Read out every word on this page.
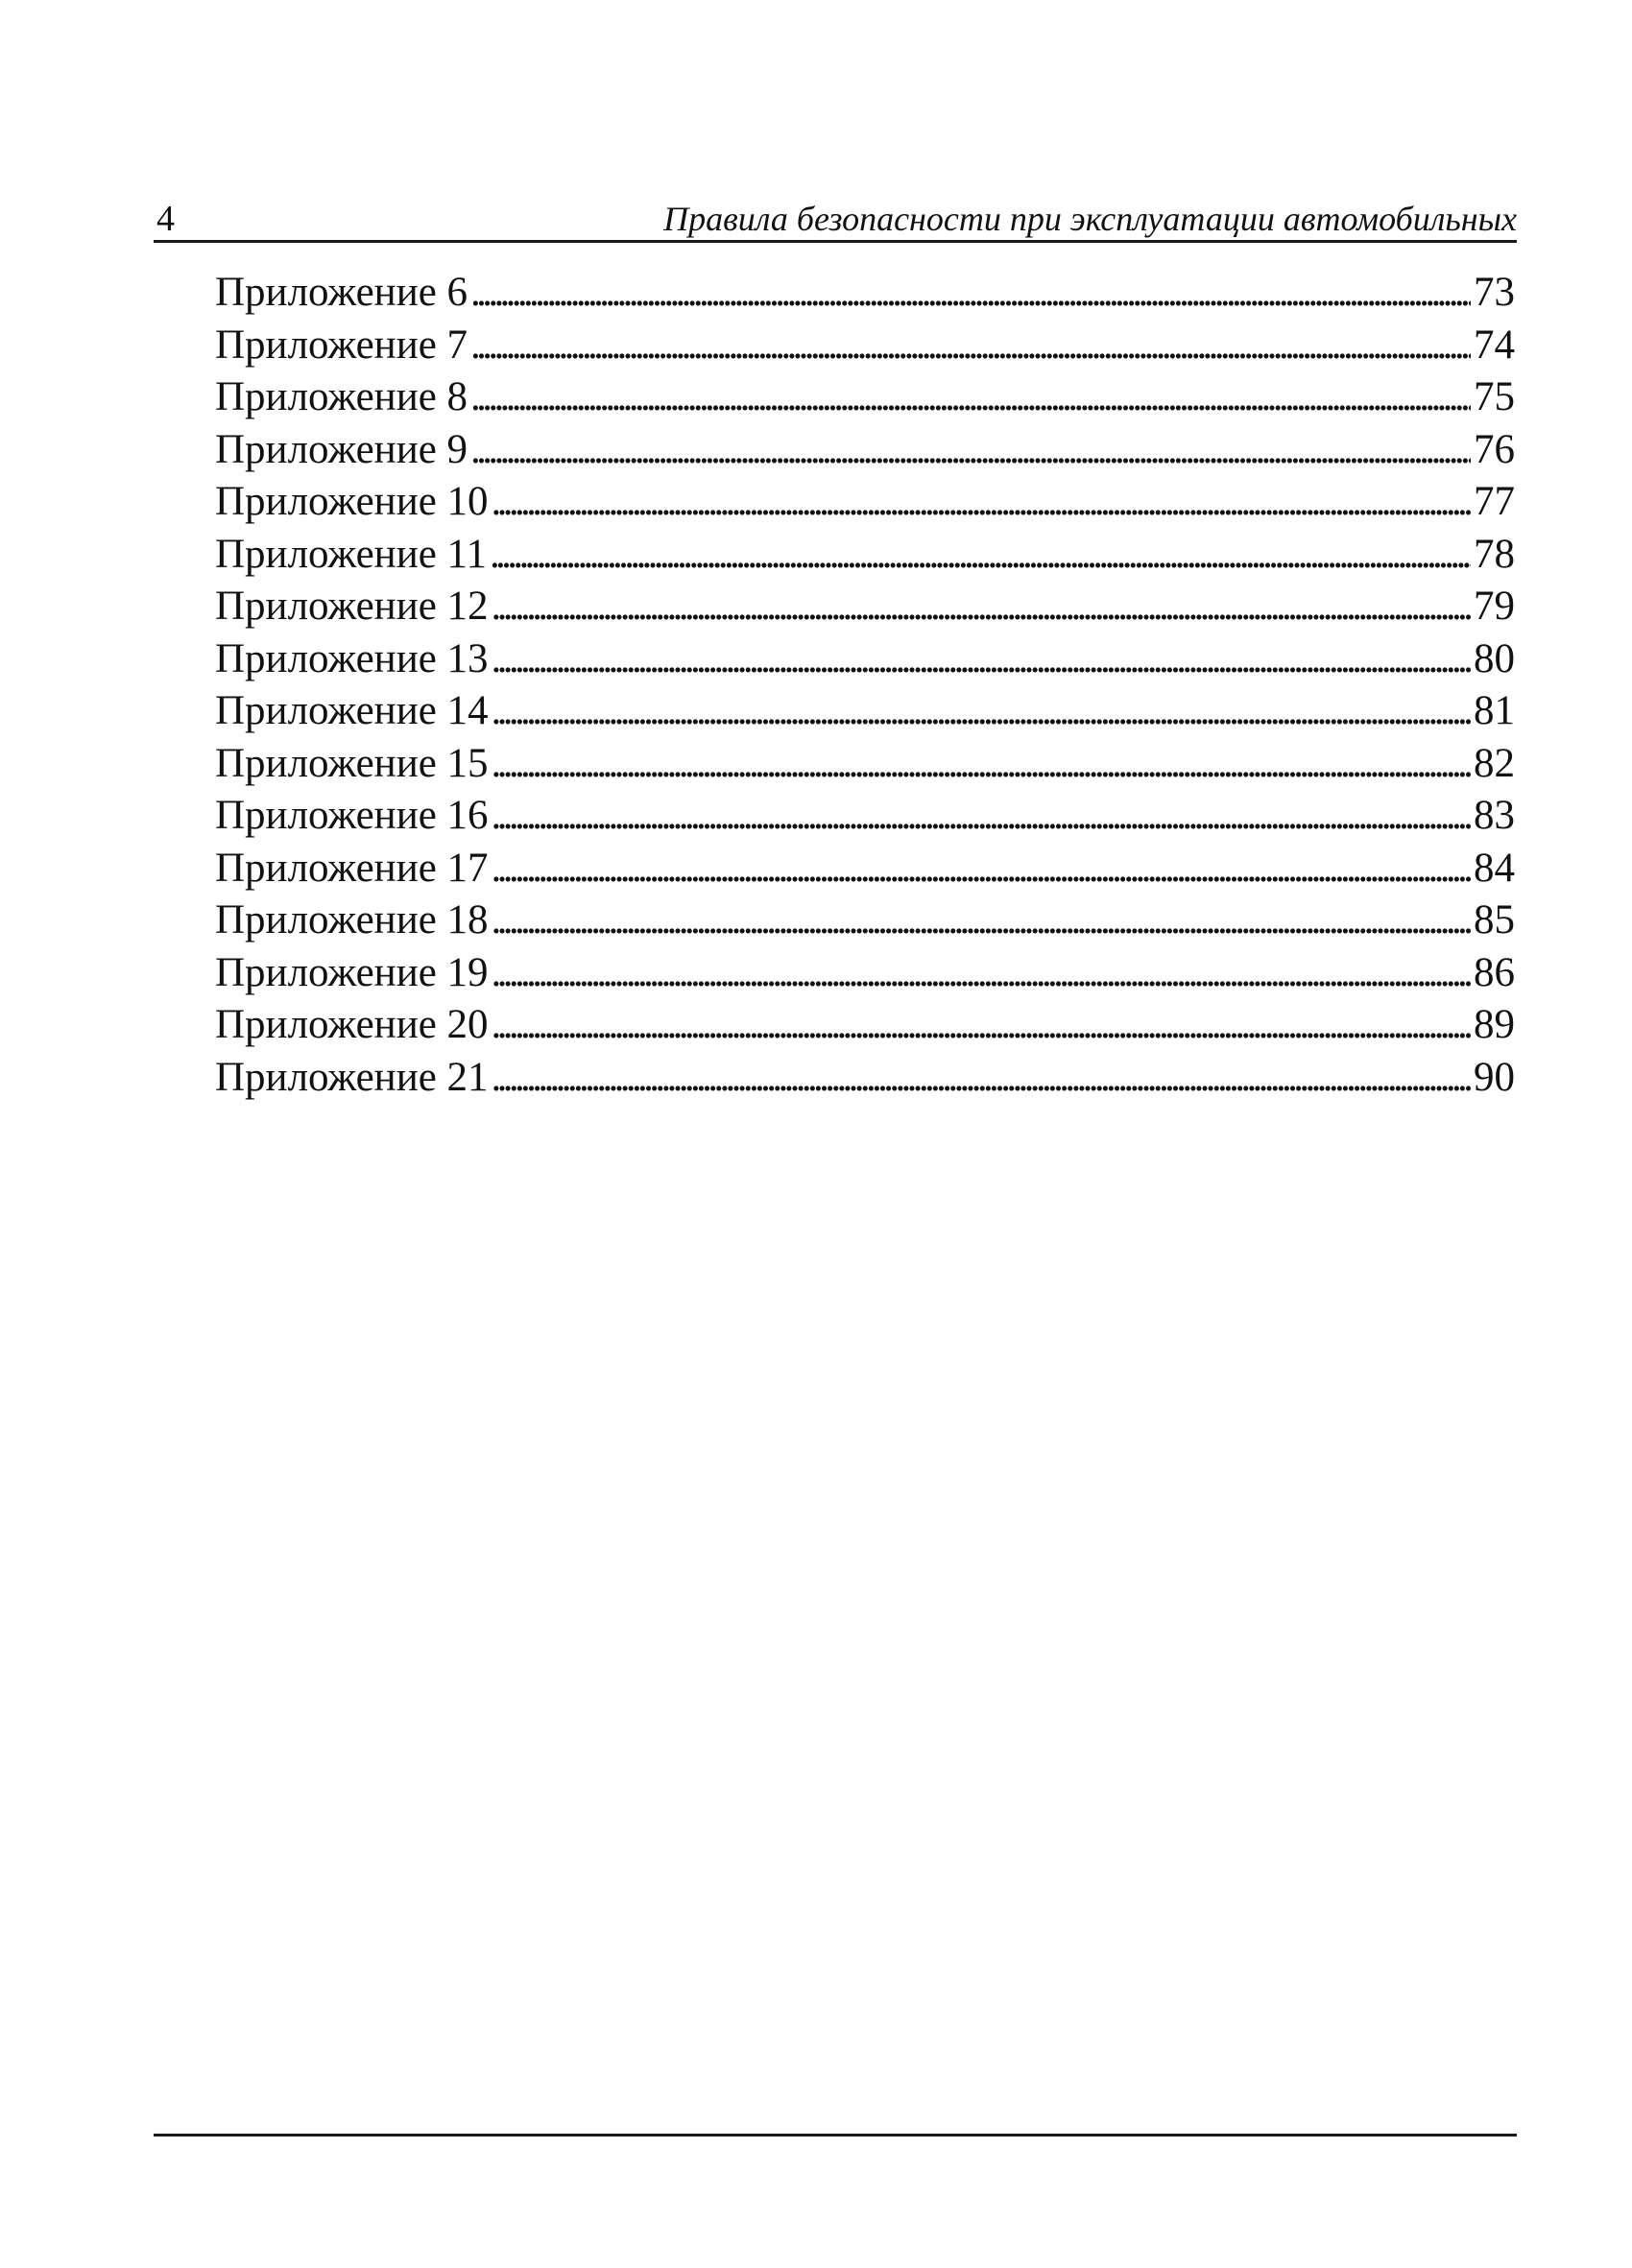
4	Правила безопасности при эксплуатации автомобильных
Приложение 6 . . .	73
Приложение 7 . . .	74
Приложение 8 . . .	75
Приложение 9 . . .	76
Приложение 10 . . .	77
Приложение 11 . . .	78
Приложение 12 . . .	79
Приложение 13 . . .	80
Приложение 14 . . .	81
Приложение 15 . . .	82
Приложение 16 . . .	83
Приложение 17 . . .	84
Приложение 18 . . .	85
Приложение 19 . . .	86
Приложение 20 . . .	89
Приложение 21 . . .	90
